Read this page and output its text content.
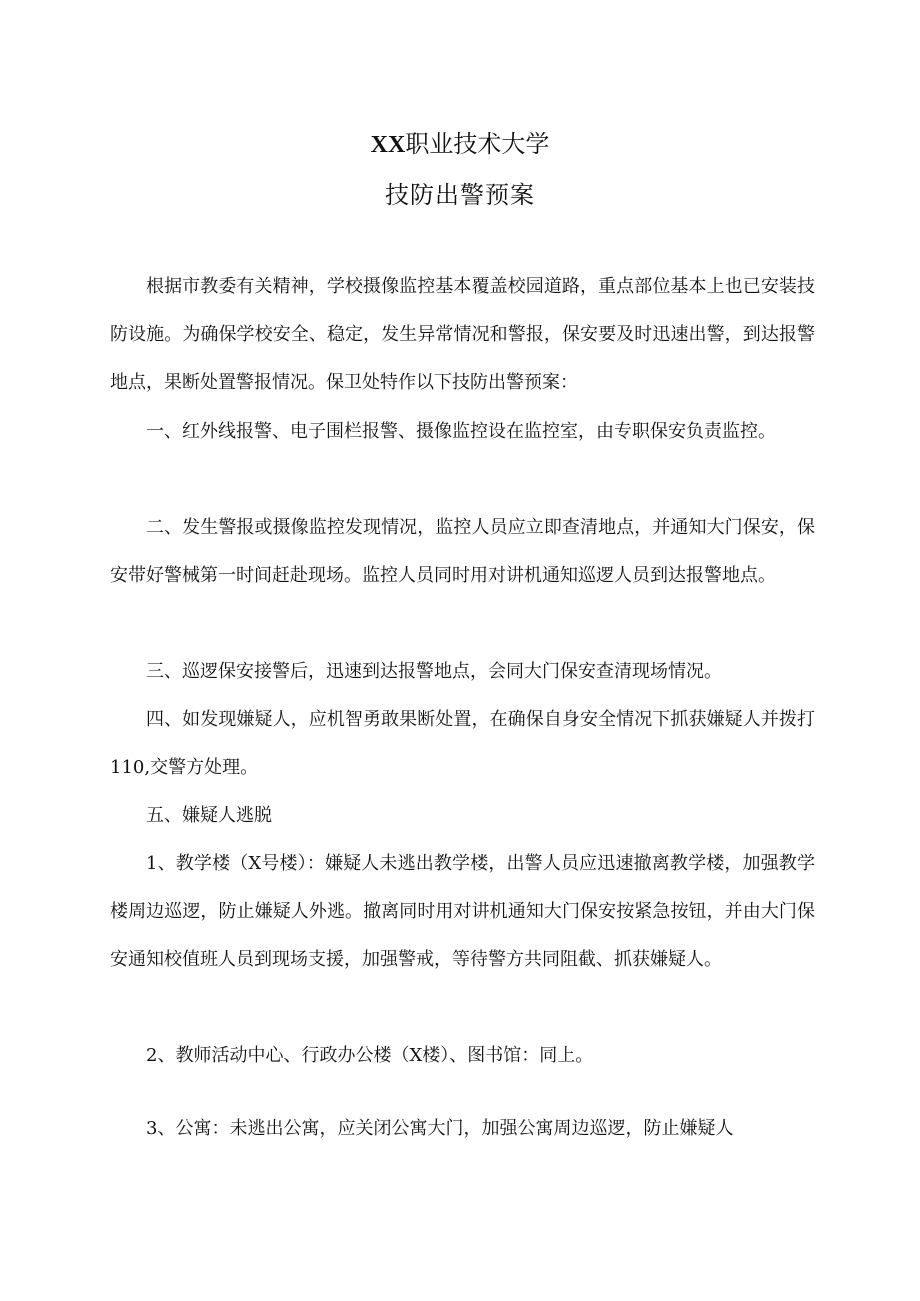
XX职业技术大学
技防出警预案

根据市教委有关精神，学校摄像监控基本覆盖校园道路，重点部位基本上也已安装技防设施。为确保学校安全、稳定，发生异常情况和警报，保安要及时迅速出警，到达报警地点，果断处置警报情况。保卫处特作以下技防出警预案：

一、红外线报警、电子围栏报警、摄像监控设在监控室，由专职保安负责监控。

二、发生警报或摄像监控发现情况，监控人员应立即查清地点，并通知大门保安，保安带好警械第一时间赶赴现场。监控人员同时用对讲机通知巡逻人员到达报警地点。

三、巡逻保安接警后，迅速到达报警地点，会同大门保安查清现场情况。

四、如发现嫌疑人，应机智勇敢果断处置，在确保自身安全情况下抓获嫌疑人并拨打110,交警方处理。

五、嫌疑人逃脱

1、教学楼（X号楼）：嫌疑人未逃出教学楼，出警人员应迅速撤离教学楼，加强教学楼周边巡逻，防止嫌疑人外逃。撤离同时用对讲机通知大门保安按紧急按钮，并由大门保安通知校值班人员到现场支援，加强警戒，等待警方共同阻截、抓获嫌疑人。

2、教师活动中心、行政办公楼（X楼）、图书馆：同上。

3、公寓：未逃出公寓，应关闭公寓大门，加强公寓周边巡逻，防止嫌疑人
